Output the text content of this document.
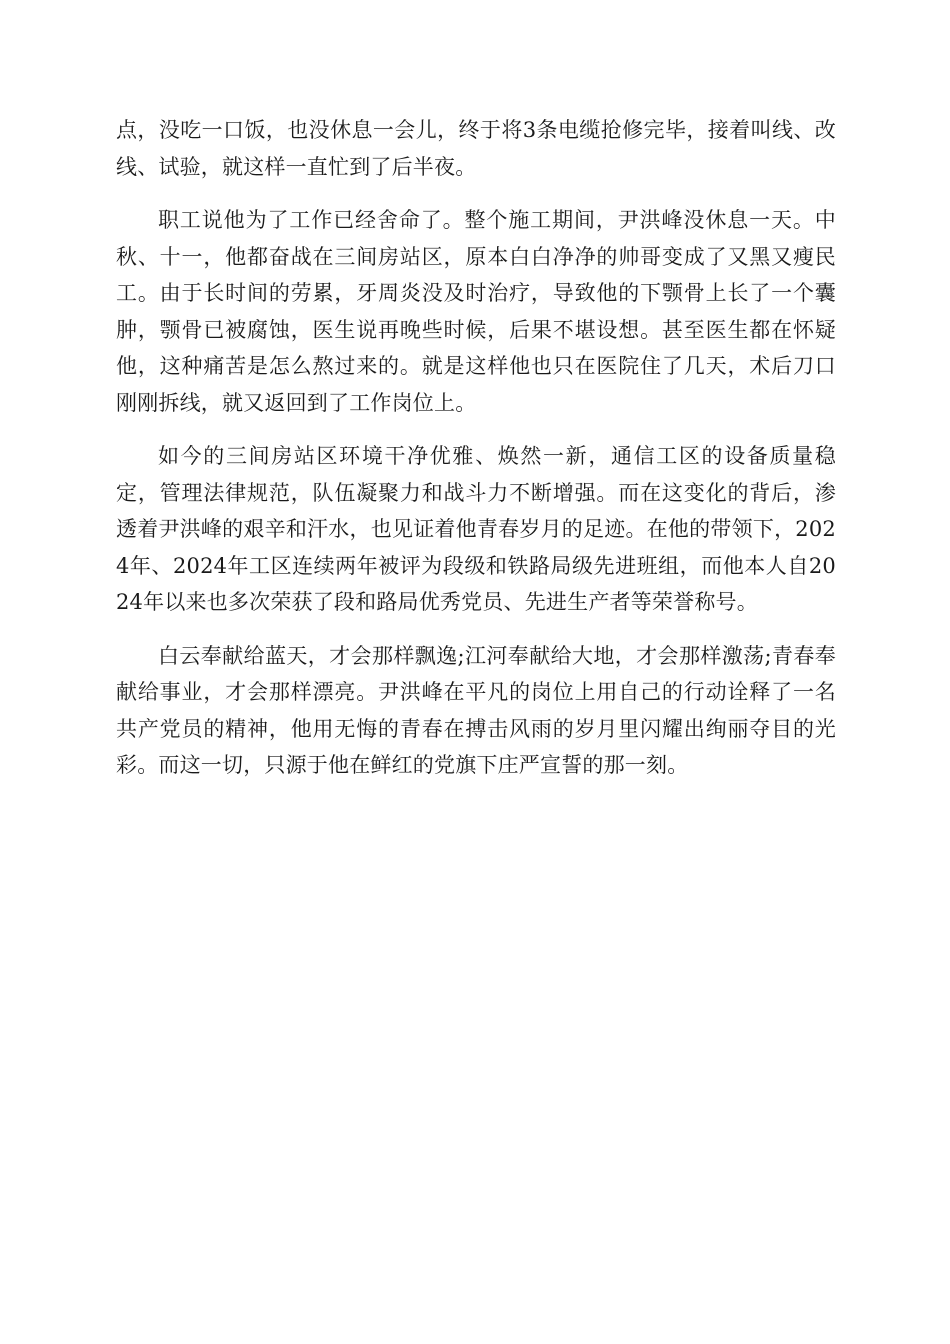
点，没吃一口饭，也没休息一会儿，终于将3条电缆抢修完毕，接着叫线、改线、试验，就这样一直忙到了后半夜。

职工说他为了工作已经舍命了。整个施工期间，尹洪峰没休息一天。中秋、十一，他都奋战在三间房站区，原本白白净净的帅哥变成了又黑又瘦民工。由于长时间的劳累，牙周炎没及时治疗，导致他的下颚骨上长了一个囊肿，颚骨已被腐蚀，医生说再晚些时候，后果不堪设想。甚至医生都在怀疑他，这种痛苦是怎么熬过来的。就是这样他也只在医院住了几天，术后刀口刚刚拆线，就又返回到了工作岗位上。

如今的三间房站区环境干净优雅、焕然一新，通信工区的设备质量稳定，管理法律规范，队伍凝聚力和战斗力不断增强。而在这变化的背后，渗透着尹洪峰的艰辛和汗水，也见证着他青春岁月的足迹。在他的带领下，2024年、2024年工区连续两年被评为段级和铁路局级先进班组，而他本人自2024年以来也多次荣获了段和路局优秀党员、先进生产者等荣誉称号。

白云奉献给蓝天，才会那样飘逸;江河奉献给大地，才会那样激荡;青春奉献给事业，才会那样漂亮。尹洪峰在平凡的岗位上用自己的行动诠释了一名共产党员的精神，他用无悔的青春在搏击风雨的岁月里闪耀出绚丽夺目的光彩。而这一切，只源于他在鲜红的党旗下庄严宣誓的那一刻。
